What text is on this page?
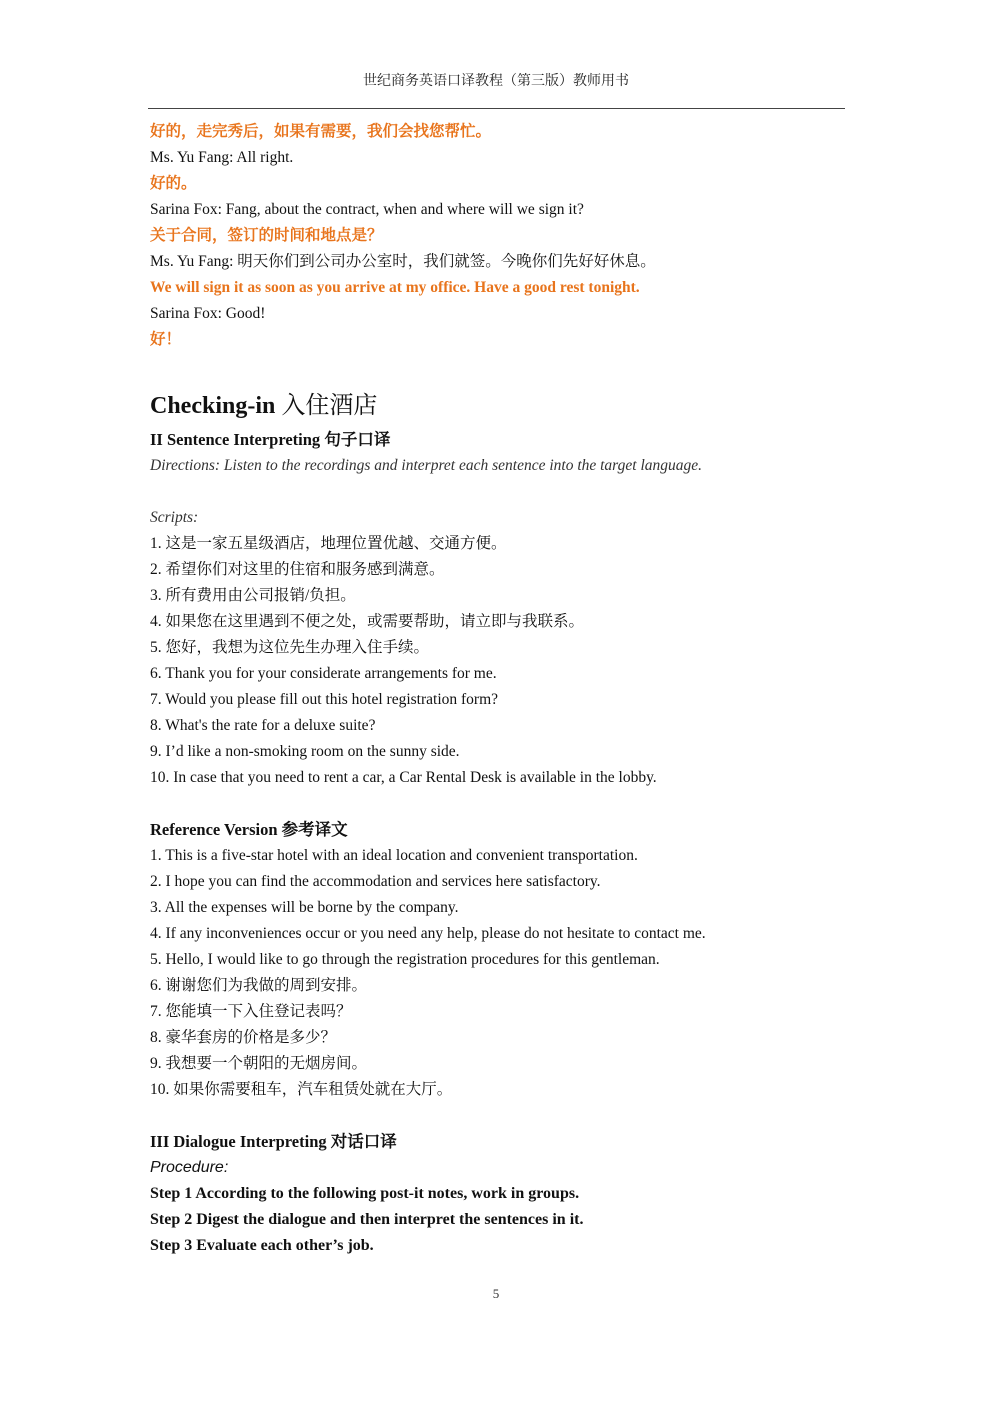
世纪商务英语口译教程（第三版）教师用书
好的，走完秀后，如果有需要，我们会找您帮忙。
Ms. Yu Fang: All right.
好的。
Sarina Fox: Fang, about the contract, when and where will we sign it?
关于合同，签订的时间和地点是？
Ms. Yu Fang: 明天你们到公司办公室时，我们就签。今晚你们先好好休息。
We will sign it as soon as you arrive at my office. Have a good rest tonight.
Sarina Fox: Good!
好！
Checking-in 入住酒店
II Sentence Interpreting 句子口译
Directions: Listen to the recordings and interpret each sentence into the target language.
Scripts:
1. 这是一家五星级酒店，地理位置优越、交通方便。
2. 希望你们对这里的住宿和服务感到满意。
3. 所有费用由公司报销/负担。
4. 如果您在这里遇到不便之处，或需要帮助，请立即与我联系。
5. 您好，我想为这位先生办理入住手续。
6. Thank you for your considerate arrangements for me.
7. Would you please fill out this hotel registration form?
8. What's the rate for a deluxe suite?
9. I’d like a non-smoking room on the sunny side.
10. In case that you need to rent a car, a Car Rental Desk is available in the lobby.
Reference Version 参考译文
1. This is a five-star hotel with an ideal location and convenient transportation.
2. I hope you can find the accommodation and services here satisfactory.
3. All the expenses will be borne by the company.
4. If any inconveniences occur or you need any help, please do not hesitate to contact me.
5. Hello, I would like to go through the registration procedures for this gentleman.
6. 谢谢您们为我做的周到安排。
7. 您能填一下入住登记表吗？
8. 豪华套房的价格是多少？
9. 我想要一个朝阳的无烟房间。
10. 如果你需要租车，汽车租赁处就在大厅。
III Dialogue Interpreting 对话口译
Procedure:
Step 1 According to the following post-it notes, work in groups.
Step 2 Digest the dialogue and then interpret the sentences in it.
Step 3 Evaluate each other’s job.
5
